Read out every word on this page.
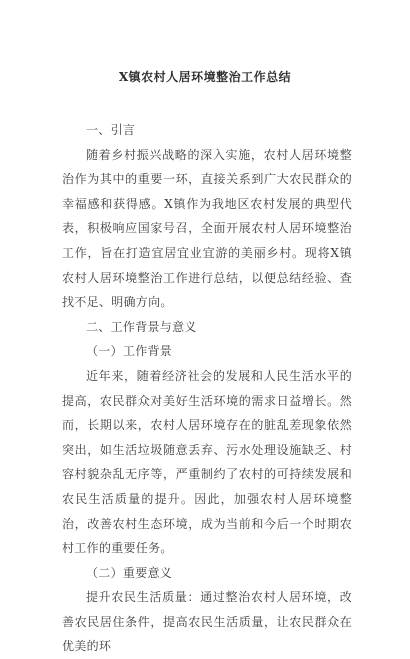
X镇农村人居环境整治工作总结

一、引言

随着乡村振兴战略的深入实施，农村人居环境整治作为其中的重要一环，直接关系到广大农民群众的幸福感和获得感。X镇作为我地区农村发展的典型代表，积极响应国家号召，全面开展农村人居环境整治工作，旨在打造宜居宜业宜游的美丽乡村。现将X镇农村人居环境整治工作进行总结，以便总结经验、查找不足、明确方向。

二、工作背景与意义

（一）工作背景

近年来，随着经济社会的发展和人民生活水平的提高，农民群众对美好生活环境的需求日益增长。然而，长期以来，农村人居环境存在的脏乱差现象依然突出，如生活垃圾随意丢弃、污水处理设施缺乏、村容村貌杂乱无序等，严重制约了农村的可持续发展和农民生活质量的提升。因此，加强农村人居环境整治，改善农村生态环境，成为当前和今后一个时期农村工作的重要任务。

（二）重要意义

提升农民生活质量：通过整治农村人居环境，改善农民居住条件，提高农民生活质量，让农民群众在优美的环
